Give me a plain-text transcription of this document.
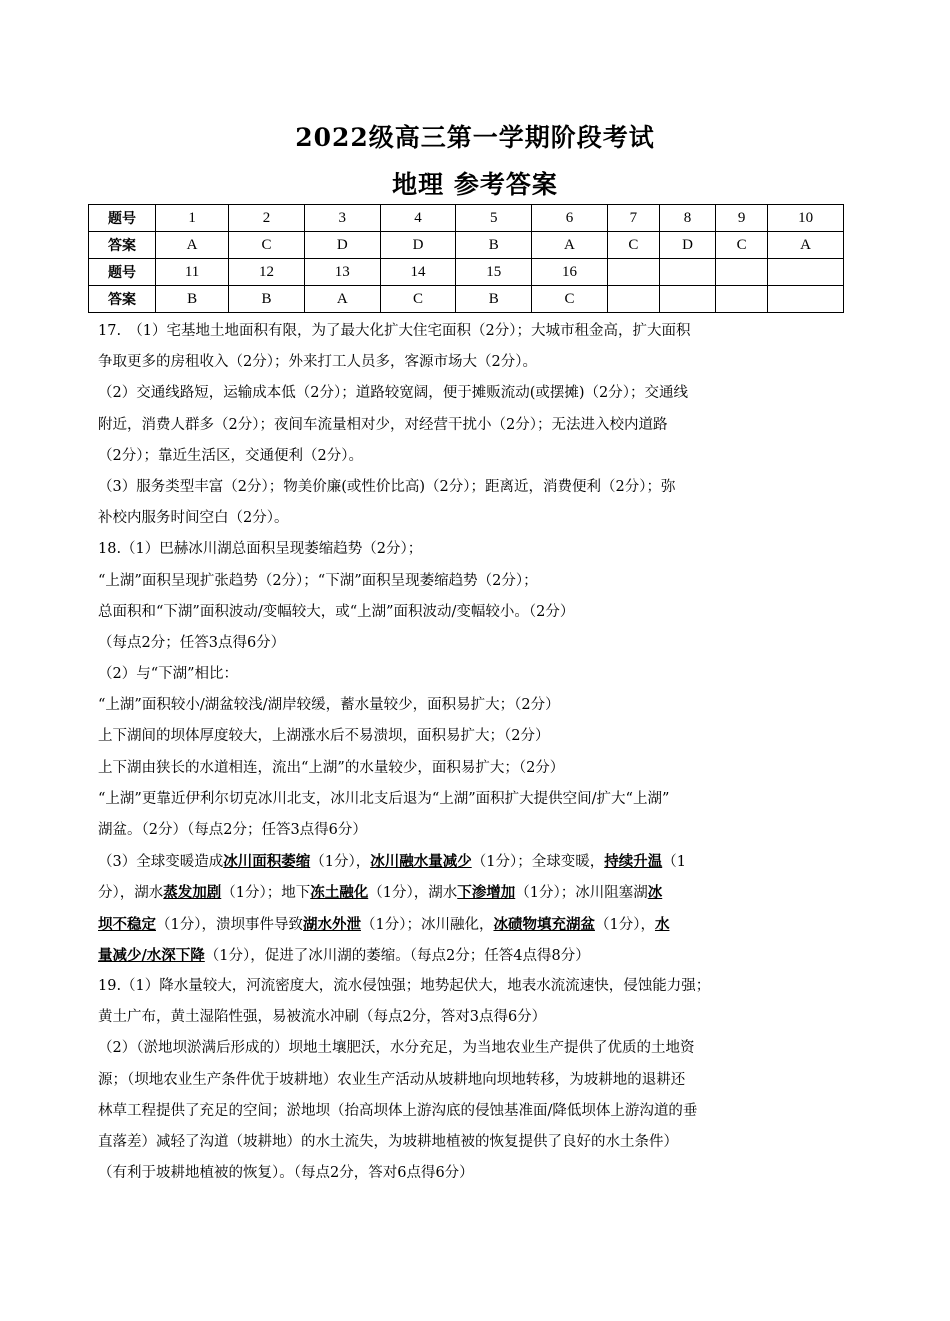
2022级高三第一学期阶段考试
地理 参考答案
题号	1	2	3	4	5	6	7	8	9	10
答案	A	C	D	D	B	A	C	D	C	A
题号	11	12	13	14	15	16				
答案	B	B	A	C	B	C				
17.　（1）宅基地土地面积有限，为了最大化扩大住宅面积（2分）；大城市租金高，扩大面积
争取更多的房租收入（2分）；外来打工人员多，客源市场大（2分）。
（2）交通线路短，运输成本低（2分）；道路较宽阔，便于摊贩流动(或摆摊)（2分）；交通线
附近，消费人群多（2分）；夜间车流量相对少，对经营干扰小（2分）；无法进入校内道路
（2分）；靠近生活区，交通便利（2分）。
（3）服务类型丰富（2分）；物美价廉(或性价比高)（2分）；距离近，消费便利（2分）；弥
补校内服务时间空白（2分）。
18.（1）巴赫冰川湖总面积呈现萎缩趋势（2分）；
“上湖”面积呈现扩张趋势（2分）；“下湖”面积呈现萎缩趋势（2分）；
总面积和“下湖”面积波动/变幅较大，或“上湖”面积波动/变幅较小。（2分）
（每点2分；任答3点得6分）
（2）与“下湖”相比：
“上湖”面积较小/湖盆较浅/湖岸较缓，蓄水量较少，面积易扩大；（2分）
上下湖间的坝体厚度较大，上湖涨水后不易溃坝，面积易扩大；（2分）
上下湖由狭长的水道相连，流出“上湖”的水量较少，面积易扩大；（2分）
“上湖”更靠近伊利尔切克冰川北支，冰川北支后退为“上湖”面积扩大提供空间/扩大“上湖”
湖盆。（2分）（每点2分；任答3点得6分）
（3）全球变暖造成冰川面积萎缩（1分），冰川融水量减少（1分）；全球变暖，持续升温（1
分），湖水蒸发加剧（1分）；地下冻土融化（1分），湖水下渗增加（1分）；冰川阻塞湖冰
坝不稳定（1分），溃坝事件导致湖水外泄（1分）；冰川融化，冰碛物填充湖盆（1分），水
量减少/水深下降（1分），促进了冰川湖的萎缩。（每点2分；任答4点得8分）
19.（1）降水量较大，河流密度大，流水侵蚀强；地势起伏大，地表水流流速快，侵蚀能力强；
黄土广布，黄土湿陷性强，易被流水冲刷（每点2分，答对3点得6分）
（2）（淤地坝淤满后形成的）坝地土壤肥沃，水分充足，为当地农业生产提供了优质的土地资
源；（坝地农业生产条件优于坡耕地）农业生产活动从坡耕地向坝地转移，为坡耕地的退耕还
林草工程提供了充足的空间；淤地坝（抬高坝体上游沟底的侵蚀基准面/降低坝体上游沟道的垂
直落差）减轻了沟道（坡耕地）的水土流失，为坡耕地植被的恢复提供了良好的水土条件）
（有利于坡耕地植被的恢复）。（每点2分，答对6点得6分）
